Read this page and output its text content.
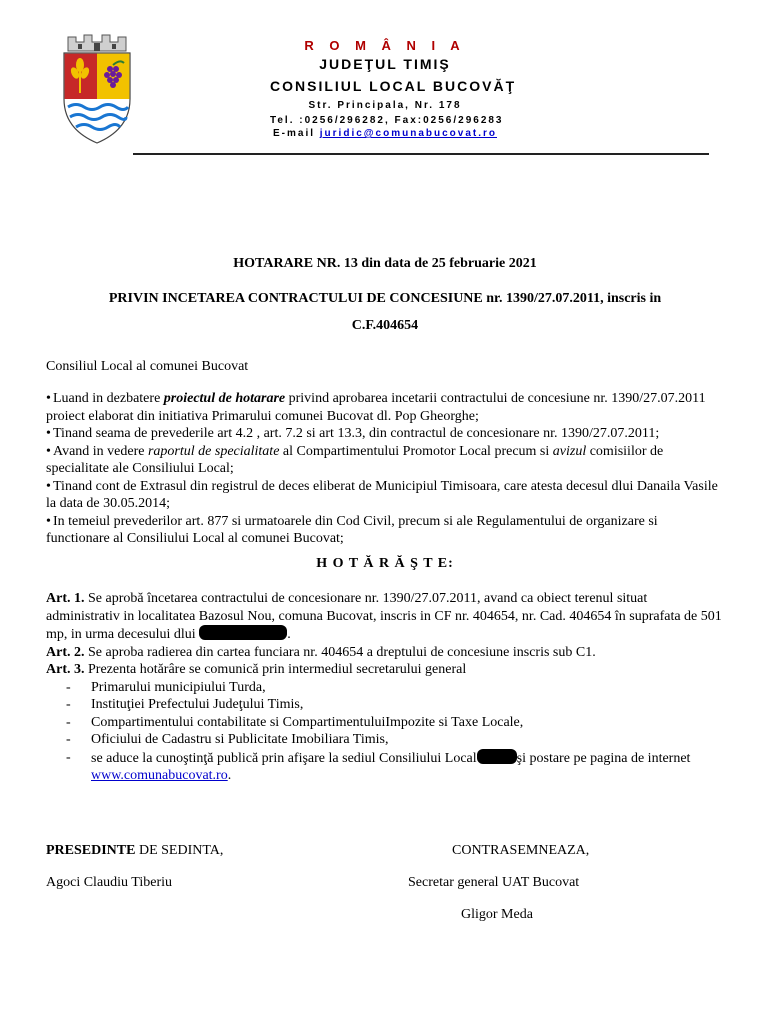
R O M Â N I A
JUDEŢUL TIMIŞ
CONSILIUL LOCAL BUCOVĂŢ
Str. Principala, Nr. 178
Tel. :0256/296282, Fax:0256/296283
E-mail juridic@comunabucovat.ro
HOTARARE NR. 13 din data de 25 februarie 2021
PRIVIN INCETAREA CONTRACTULUI DE CONCESIUNE nr. 1390/27.07.2011, inscris in
C.F.404654
Consiliul Local al comunei Bucovat

• Luand in dezbatere proiectul de hotarare privind aprobarea incetarii contractului de concesiune nr. 1390/27.07.2011 proiect elaborat din initiativa Primarului comunei Bucovat dl. Pop Gheorghe;

• Tinand seama de prevederile art 4.2 , art. 7.2 si art 13.3, din contractul de concesionare nr. 1390/27.07.2011;

• Avand in vedere raportul de specialitate al Compartimentului Promotor Local precum si avizul comisiilor de specialitate ale Consiliului Local;

• Tinand cont de Extrasul din registrul de deces eliberat de Municipiul Timisoara, care atesta decesul dlui Danaila Vasile la data de 30.05.2014;

• In temeiul prevederilor art. 877 si urmatoarele din Cod Civil, precum si ale Regulamentului de organizare si functionare al Consiliului Local al comunei Bucovat;

H O T Ă R Ă Ş T E:

Art. 1. Se aprobă încetarea contractului de concesionare nr. 1390/27.07.2011, avand ca obiect terenul situat administrativ in localitatea Bazosul Nou, comuna Bucovat, inscris in CF nr. 404654, nr. Cad. 404654 în suprafata de 501 mp, in urma decesului dlui	.

Art. 2. Se aproba radierea din cartea funciara nr. 404654 a dreptului de concesiune inscris sub C1.

Art. 3. Prezenta hotărâre se comunică prin intermediul secretarului general

- Primarului municipiului Turda,
- Instituţiei Prefectului Judeţului Timis,
- Compartimentului contabilitate si CompartimentuluiImpozite si Taxe Locale,
- Oficiului de Cadastru si Publicitate Imobiliara Timis,
- se aduce la cunoştinţă publică prin afişare la sediul Consiliului Local	şi postare pe pagina de internet www.comunabucovat.ro.
PRESEDINTE DE SEDINTA,
Agoci Claudiu Tiberiu
CONTRASEMNEAZA,
Secretar general UAT Bucovat
Gligor Meda
